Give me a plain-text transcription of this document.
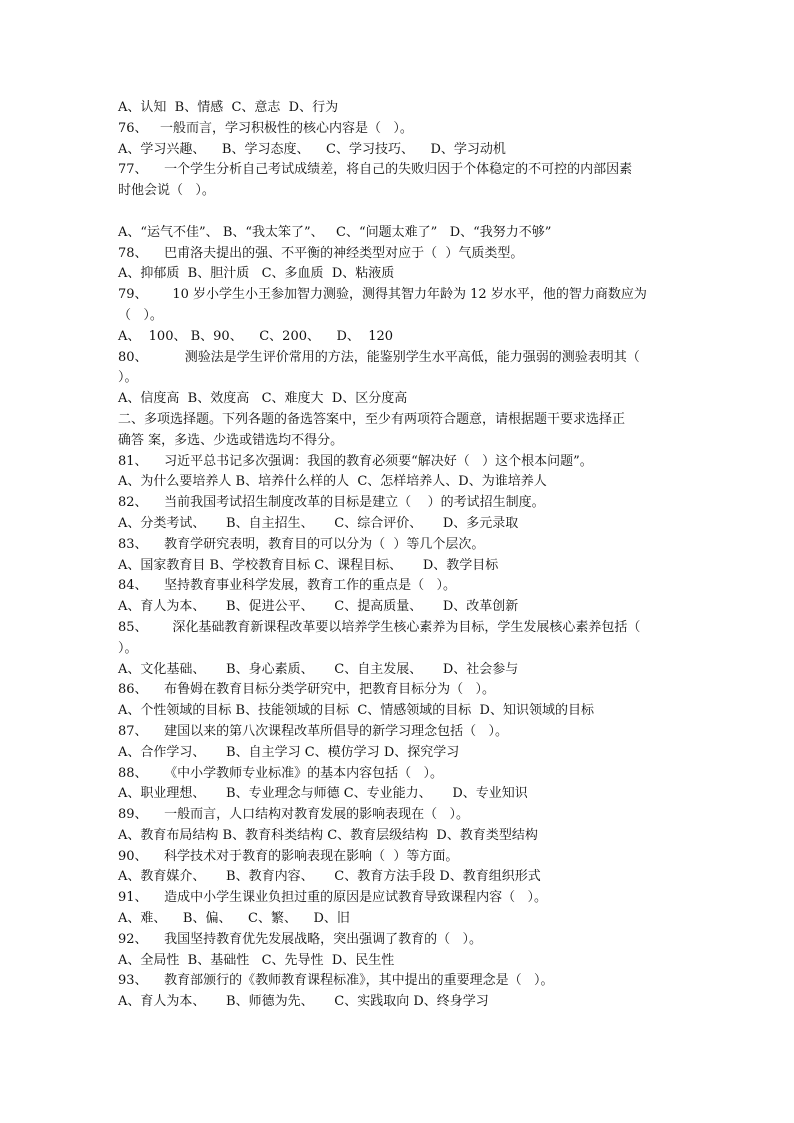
A、认知  B、情感  C、意志  D、行为
76、   一般而言，学习积极性的核心内容是（   ）。
A、学习兴趣、    B、学习态度、    C、学习技巧、    D、学习动机
77、    一个学生分析自己考试成绩差，将自己的失败归因于个体稳定的不可控的内部因素
时他会说（   ）。
A、“运气不佳”、 B、“我太笨了”、   C、“问题太难了”   D、“我努力不够”
78、    巴甫洛夫提出的强、不平衡的神经类型对应于（  ）气质类型。
A、抑郁质  B、胆汁质   C、多血质  D、粘液质
79、      10 岁小学生小王参加智力测验，测得其智力年龄为 12 岁水平，他的智力商数应为
（   ）。
A、  100、 B、90、    C、200、    D、  120
80、         测验法是学生评价常用的方法，能鉴别学生水平高低，能力强弱的测验表明其（
）。
A、信度高  B、效度高   C、难度大  D、区分度高
二、多项选择题。下列各题的备选答案中，至少有两项符合题意，请根据题干要求选择正
确答 案，多选、少选或错选均不得分。
81、    习近平总书记多次强调：我国的教育必须要“解决好（   ）这个根本问题”。
A、为什么要培养人 B、培养什么样的人  C、怎样培养人、D、为谁培养人
82、    当前我国考试招生制度改革的目标是建立（    ）的考试招生制度。
A、分类考试、     B、自主招生、     C、综合评价、     D、多元录取
83、    教育学研究表明，教育目的可以分为（  ）等几个层次。
A、国家教育目 B、学校教育目标 C、课程目标、     D、教学目标
84、    坚持教育事业科学发展，教育工作的重点是（   ）。
A、育人为本、     B、促进公平、     C、提高质量、     D、改革创新
85、      深化基础教育新课程改革要以培养学生核心素养为目标，学生发展核心素养包括（
）。
A、文化基础、     B、身心素质、     C、自主发展、     D、社会参与
86、    布鲁姆在教育目标分类学研究中，把教育目标分为（   ）。
A、个性领域的目标 B、技能领域的目标  C、情感领域的目标  D、知识领域的目标
87、    建国以来的第八次课程改革所倡导的新学习理念包括（   ）。
A、合作学习、     B、自主学习 C、模仿学习 D、探究学习
88、    《中小学教师专业标准》的基本内容包括（   ）。
A、职业理想、     B、专业理念与师德 C、专业能力、     D、专业知识
89、    一般而言，人口结构对教育发展的影响表现在（   ）。
A、教育布局结构 B、教育科类结构 C、教育层级结构  D、教育类型结构
90、    科学技术对于教育的影响表现在影响（  ）等方面。
A、教育媒介、     B、教育内容、     C、教育方法手段 D、教育组织形式
91、    造成中小学生课业负担过重的原因是应试教育导致课程内容（   ）。
A、难、    B、偏、    C、繁、    D、旧
92、    我国坚持教育优先发展战略，突出强调了教育的（   ）。
A、全局性  B、基础性   C、先导性  D、民生性
93、    教育部颁行的《教师教育课程标准》，其中提出的重要理念是（   ）。
A、育人为本、     B、师德为先、     C、实践取向 D、终身学习
